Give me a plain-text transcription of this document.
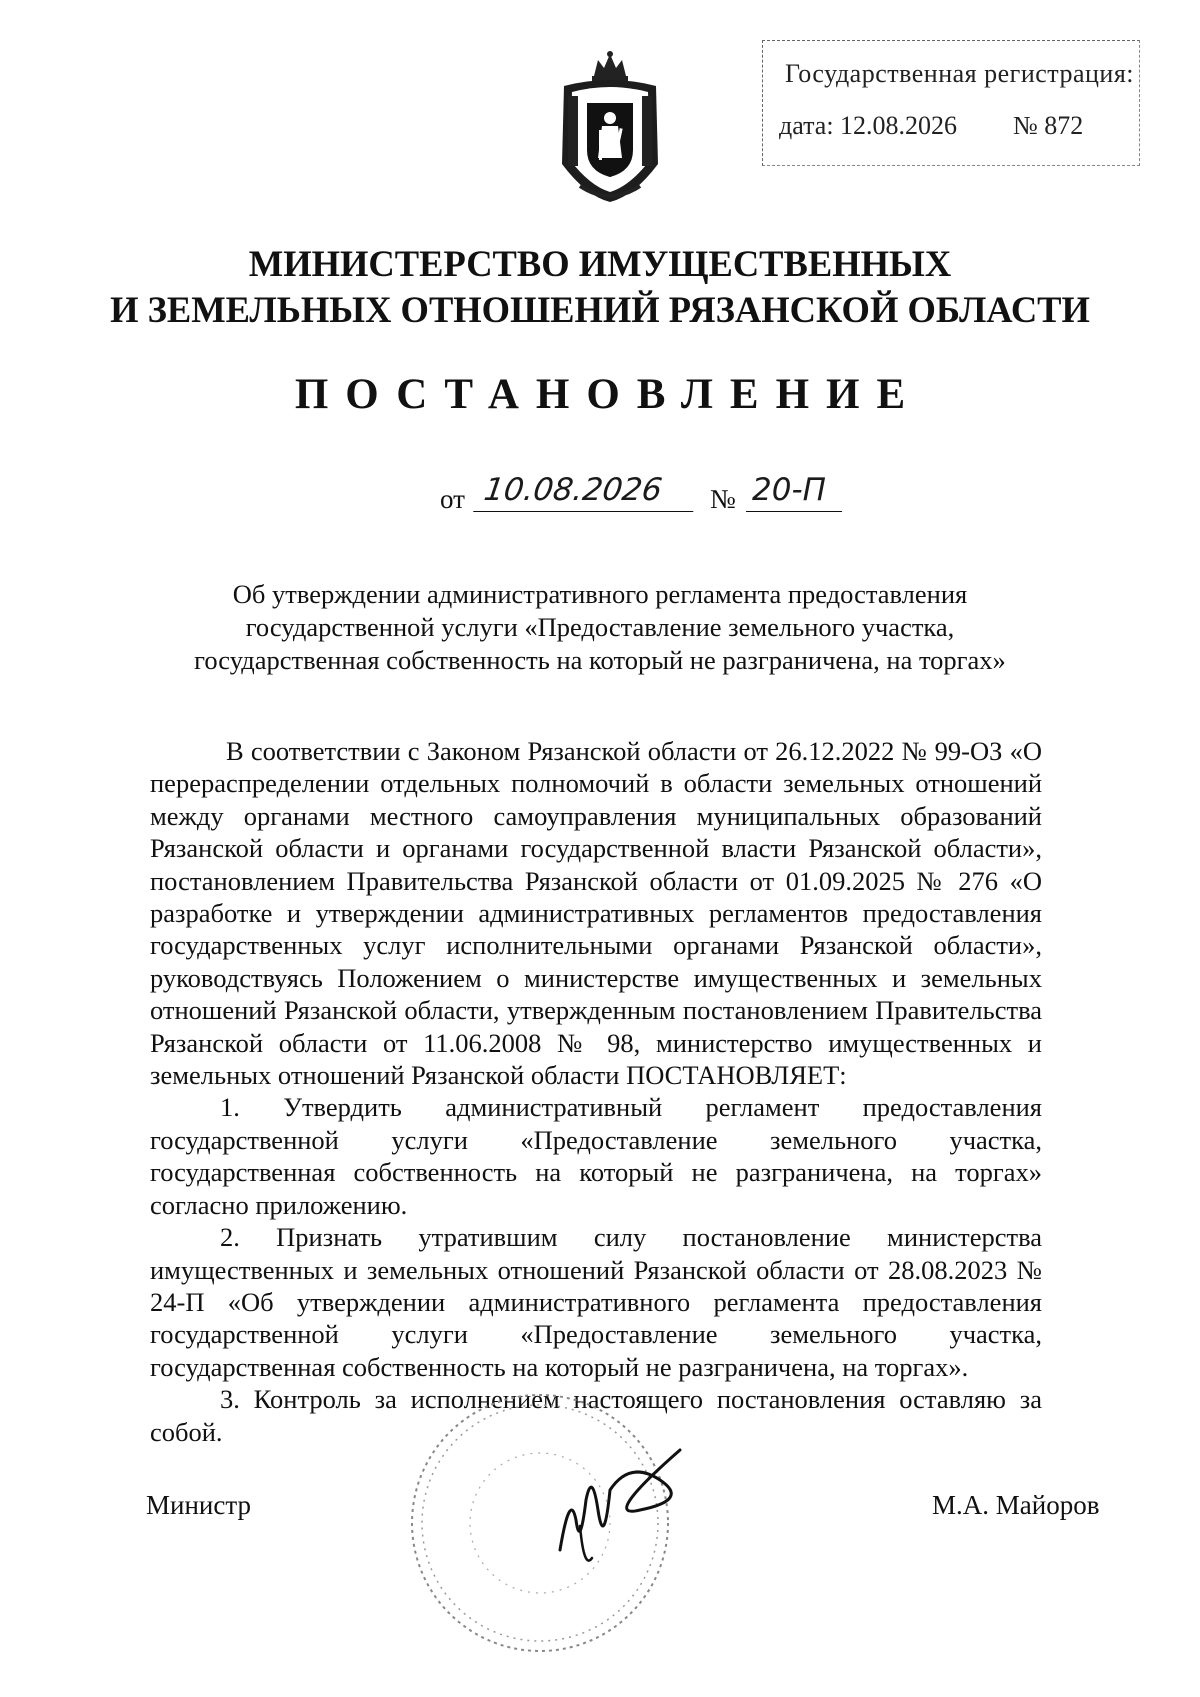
Государственная регистрация:
дата: 12.08.2026 № 872
МИНИСТЕРСТВО ИМУЩЕСТВЕННЫХ
И ЗЕМЕЛЬНЫХ ОТНОШЕНИЙ РЯЗАНСКОЙ ОБЛАСТИ
ПОСТАНОВЛЕНИЕ
от 10.08.2026	№ 20-П
Об утверждении административного регламента предоставления государственной услуги «Предоставление земельного участка, государственная собственность на который не разграничена, на торгах»

В соответствии с Законом Рязанской области от 26.12.2022 № 99-ОЗ «О перераспределении отдельных полномочий в области земельных отношений между органами местного самоуправления муниципальных образований Рязанской области и органами государственной власти Рязанской области», постановлением Правительства Рязанской области от 01.09.2025 № 276 «О разработке и утверждении административных регламентов предоставления государственных услуг исполнительными органами Рязанской области», руководствуясь Положением о министерстве имущественных и земельных отношений Рязанской области, утвержденным постановлением Правительства Рязанской области от 11.06.2008 № 98, министерство имущественных и земельных отношений Рязанской области ПОСТАНОВЛЯЕТ:

1. Утвердить административный регламент предоставления государственной услуги «Предоставление земельного участка, государственная собственность на который не разграничена, на торгах» согласно приложению.

2. Признать утратившим силу постановление министерства имущественных и земельных отношений Рязанской области от 28.08.2023 № 24-П «Об утверждении административного регламента предоставления государственной услуги «Предоставление земельного участка, государственная собственность на который не разграничена, на торгах».

3. Контроль за исполнением настоящего постановления оставляю за собой.

Министр	М.А. Майоров
